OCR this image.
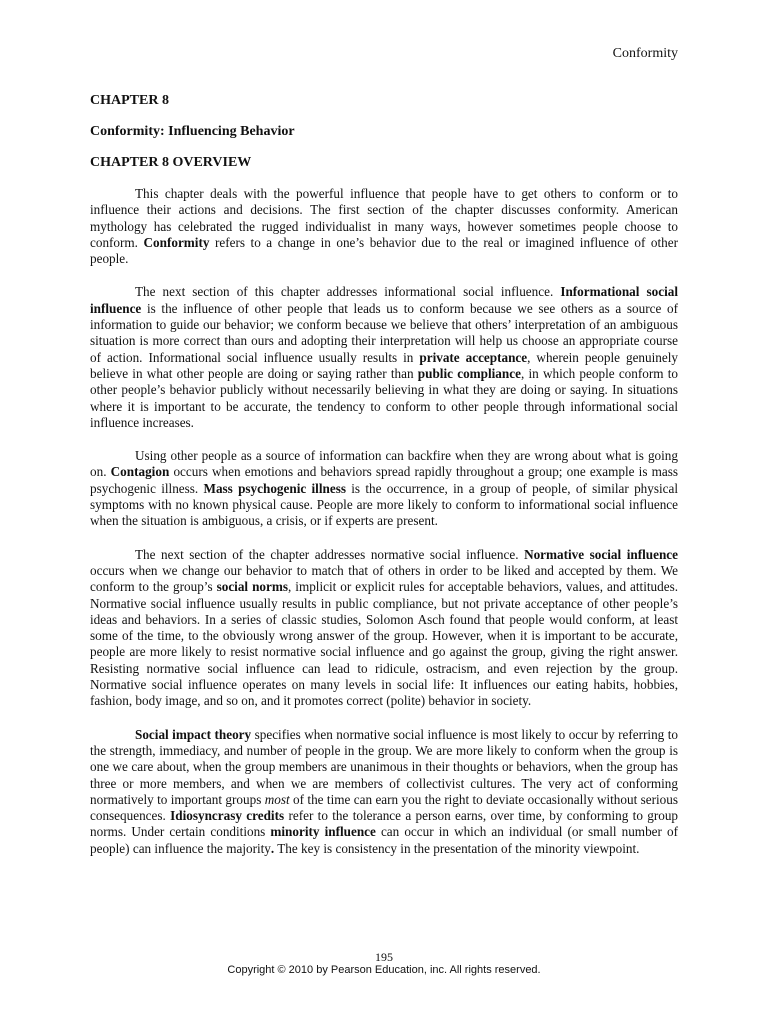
Conformity
CHAPTER 8
Conformity: Influencing Behavior
CHAPTER 8 OVERVIEW

This chapter deals with the powerful influence that people have to get others to conform or to influence their actions and decisions. The first section of the chapter discusses conformity. American mythology has celebrated the rugged individualist in many ways, however sometimes people choose to conform. Conformity refers to a change in one’s behavior due to the real or imagined influence of other people.

The next section of this chapter addresses informational social influence. Informational social influence is the influence of other people that leads us to conform because we see others as a source of information to guide our behavior; we conform because we believe that others’ interpretation of an ambiguous situation is more correct than ours and adopting their interpretation will help us choose an appropriate course of action. Informational social influence usually results in private acceptance, wherein people genuinely believe in what other people are doing or saying rather than public compliance, in which people conform to other people’s behavior publicly without necessarily believing in what they are doing or saying. In situations where it is important to be accurate, the tendency to conform to other people through informational social influence increases.

Using other people as a source of information can backfire when they are wrong about what is going on. Contagion occurs when emotions and behaviors spread rapidly throughout a group; one example is mass psychogenic illness. Mass psychogenic illness is the occurrence, in a group of people, of similar physical symptoms with no known physical cause. People are more likely to conform to informational social influence when the situation is ambiguous, a crisis, or if experts are present.

The next section of the chapter addresses normative social influence. Normative social influence occurs when we change our behavior to match that of others in order to be liked and accepted by them. We conform to the group’s social norms, implicit or explicit rules for acceptable behaviors, values, and attitudes. Normative social influence usually results in public compliance, but not private acceptance of other people’s ideas and behaviors. In a series of classic studies, Solomon Asch found that people would conform, at least some of the time, to the obviously wrong answer of the group. However, when it is important to be accurate, people are more likely to resist normative social influence and go against the group, giving the right answer. Resisting normative social influence can lead to ridicule, ostracism, and even rejection by the group. Normative social influence operates on many levels in social life: It influences our eating habits, hobbies, fashion, body image, and so on, and it promotes correct (polite) behavior in society.

Social impact theory specifies when normative social influence is most likely to occur by referring to the strength, immediacy, and number of people in the group. We are more likely to conform when the group is one we care about, when the group members are unanimous in their thoughts or behaviors, when the group has three or more members, and when we are members of collectivist cultures. The very act of conforming normatively to important groups most of the time can earn you the right to deviate occasionally without serious consequences. Idiosyncrasy credits refer to the tolerance a person earns, over time, by conforming to group norms. Under certain conditions minority influence can occur in which an individual (or small number of people) can influence the majority. The key is consistency in the presentation of the minority viewpoint.

195
Copyright © 2010 by Pearson Education, inc. All rights reserved.
